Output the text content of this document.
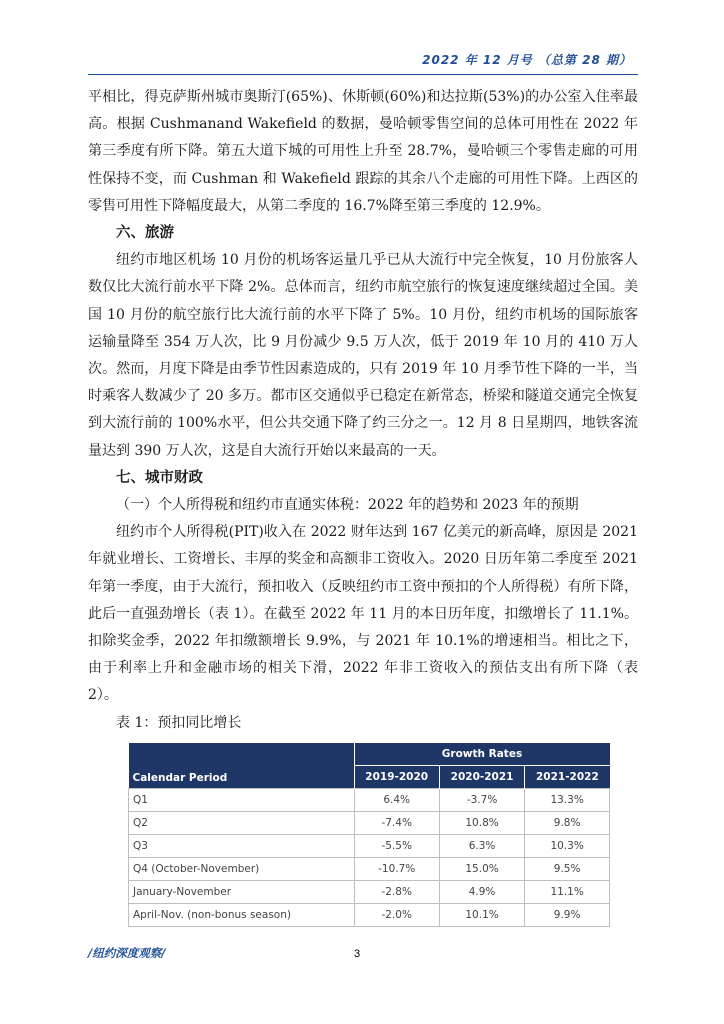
2022 年 12 月号 （总第 28 期）

平相比，得克萨斯州城市奥斯汀(65%)、休斯顿(60%)和达拉斯(53%)的办公室入住率最高。根据 Cushmanand Wakefield 的数据，曼哈顿零售空间的总体可用性在 2022 年第三季度有所下降。第五大道下城的可用性上升至 28.7%，曼哈顿三个零售走廊的可用性保持不变，而 Cushman 和 Wakefield 跟踪的其余八个走廊的可用性下降。上西区的零售可用性下降幅度最大，从第二季度的 16.7%降至第三季度的 12.9%。

六、旅游

纽约市地区机场 10 月份的机场客运量几乎已从大流行中完全恢复，10 月份旅客人数仅比大流行前水平下降 2%。总体而言，纽约市航空旅行的恢复速度继续超过全国。美国 10 月份的航空旅行比大流行前的水平下降了 5%。10 月份，纽约市机场的国际旅客运输量降至 354 万人次，比 9 月份减少 9.5 万人次，低于 2019 年 10 月的 410 万人次。然而，月度下降是由季节性因素造成的，只有 2019 年 10 月季节性下降的一半，当时乘客人数减少了 20 多万。都市区交通似乎已稳定在新常态，桥梁和隧道交通完全恢复到大流行前的 100%水平，但公共交通下降了约三分之一。12 月 8 日星期四，地铁客流量达到 390 万人次，这是自大流行开始以来最高的一天。

七、城市财政

（一）个人所得税和纽约市直通实体税：2022 年的趋势和 2023 年的预期

纽约市个人所得税(PIT)收入在 2022 财年达到 167 亿美元的新高峰，原因是 2021 年就业增长、工资增长、丰厚的奖金和高额非工资收入。2020 日历年第二季度至 2021 年第一季度，由于大流行，预扣收入（反映纽约市工资中预扣的个人所得税）有所下降，此后一直强劲增长（表 1）。在截至 2022 年 11 月的本日历年度，扣缴增长了 11.1%。扣除奖金季，2022 年扣缴额增长 9.9%，与 2021 年 10.1%的增速相当。相比之下，由于利率上升和金融市场的相关下滑，2022 年非工资收入的预估支出有所下降（表 2）。

表 1：预扣同比增长
Calendar Period	Growth Rates		
	2019-2020	2020-2021	2021-2022
Q1	6.4%	-3.7%	13.3%
Q2	-7.4%	10.8%	9.8%
Q3	-5.5%	6.3%	10.3%
Q4 (October-November)	-10.7%	15.0%	9.5%
January-November	-2.8%	4.9%	11.1%
April-Nov. (non-bonus season)	-2.0%	10.1%	9.9%
/纽约深度观察/	3
